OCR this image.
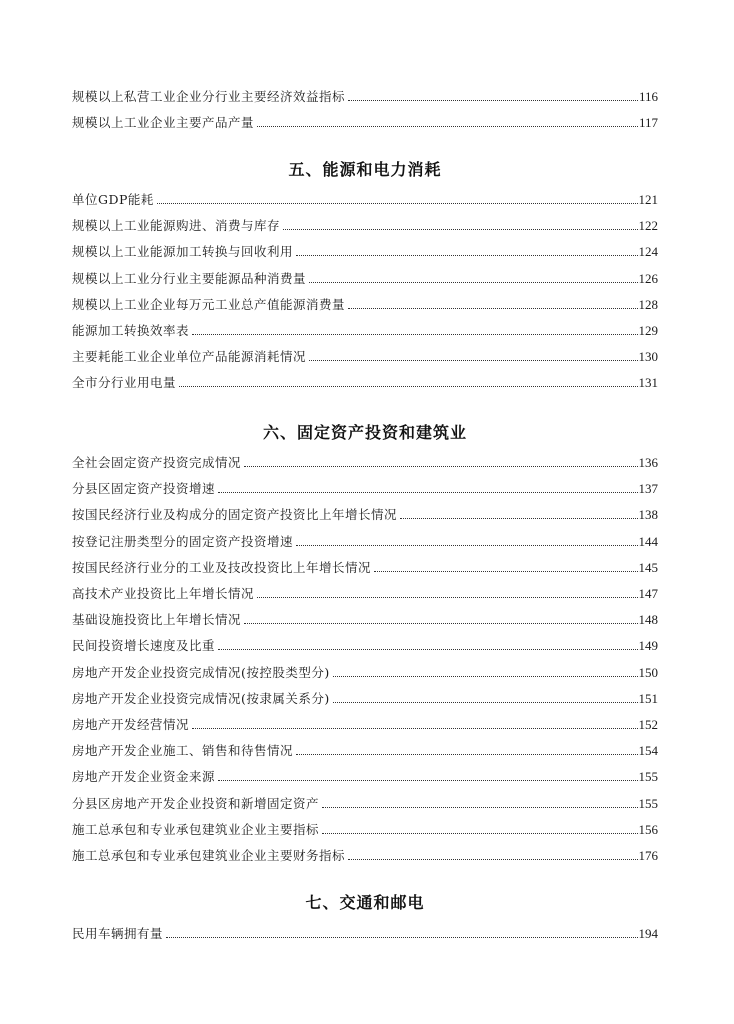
规模以上私营工业企业分行业主要经济效益指标	116
规模以上工业企业主要产品产量	117
五、能源和电力消耗
单位GDP能耗	121
规模以上工业能源购进、消费与库存	122
规模以上工业能源加工转换与回收利用	124
规模以上工业分行业主要能源品种消费量	126
规模以上工业企业每万元工业总产值能源消费量	128
能源加工转换效率表	129
主要耗能工业企业单位产品能源消耗情况	130
全市分行业用电量	131
六、固定资产投资和建筑业
全社会固定资产投资完成情况	136
分县区固定资产投资增速	137
按国民经济行业及构成分的固定资产投资比上年增长情况	138
按登记注册类型分的固定资产投资增速	144
按国民经济行业分的工业及技改投资比上年增长情况	145
高技术产业投资比上年增长情况	147
基础设施投资比上年增长情况	148
民间投资增长速度及比重	149
房地产开发企业投资完成情况(按控股类型分)	150
房地产开发企业投资完成情况(按隶属关系分)	151
房地产开发经营情况	152
房地产开发企业施工、销售和待售情况	154
房地产开发企业资金来源	155
分县区房地产开发企业投资和新增固定资产	155
施工总承包和专业承包建筑业企业主要指标	156
施工总承包和专业承包建筑业企业主要财务指标	176
七、交通和邮电
民用车辆拥有量	194
